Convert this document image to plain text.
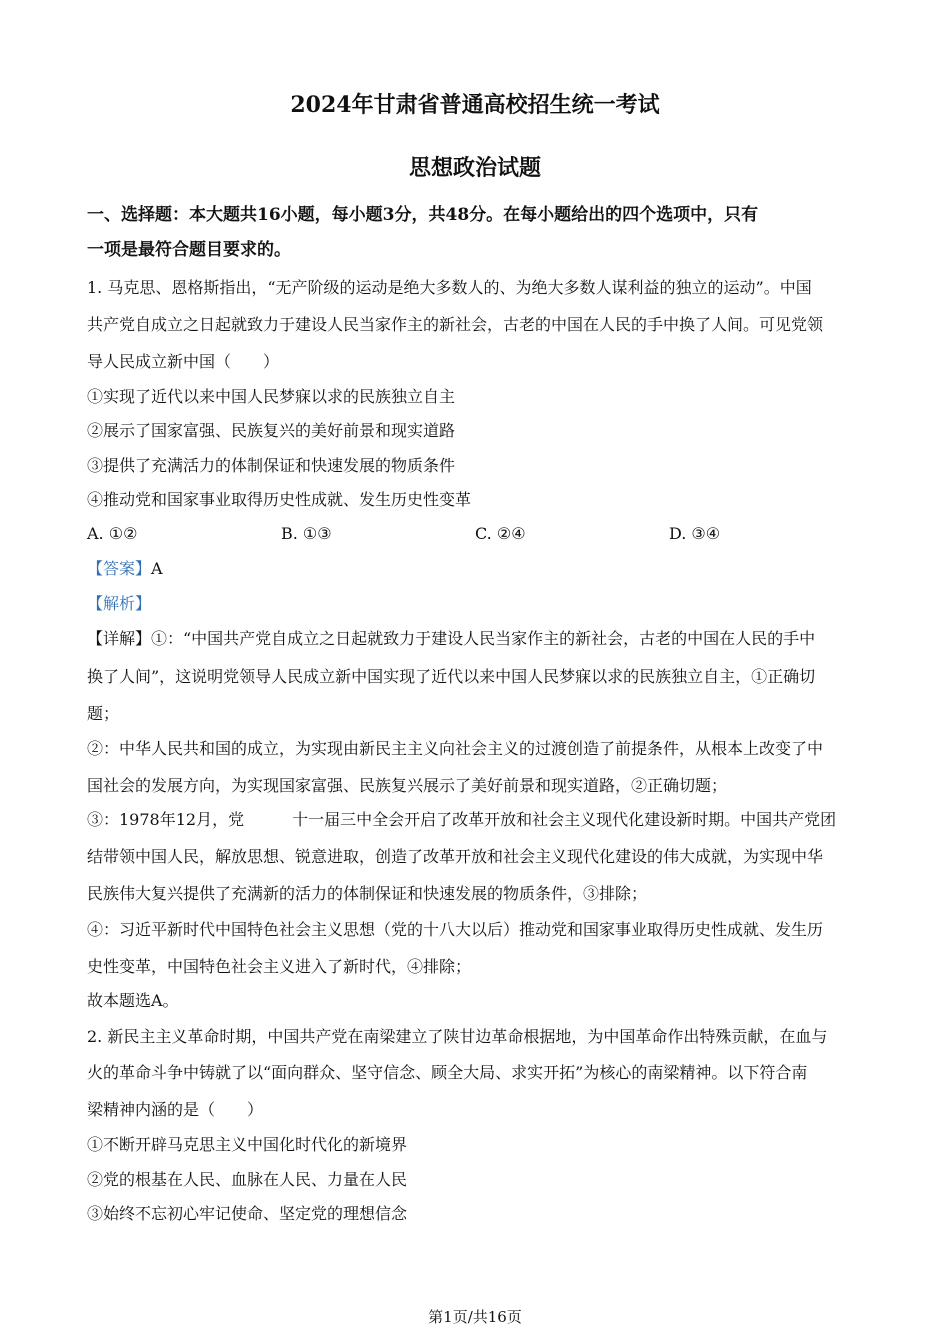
2024年甘肃省普通高校招生统一考试
思想政治试题
一、选择题：本大题共16小题，每小题3分，共48分。在每小题给出的四个选项中，只有
一项是最符合题目要求的。
1. 马克思、恩格斯指出，“无产阶级的运动是绝大多数人的、为绝大多数人谋利益的独立的运动”。中国
共产党自成立之日起就致力于建设人民当家作主的新社会，古老的中国在人民的手中换了人间。可见党领
导人民成立新中国（　　）
①实现了近代以来中国人民梦寐以求的民族独立自主
②展示了国家富强、民族复兴的美好前景和现实道路
③提供了充满活力的体制保证和快速发展的物质条件
④推动党和国家事业取得历史性成就、发生历史性变革
A. ①②	B. ①③	C. ②④	D. ③④
【答案】A
【解析】
【详解】①：“中国共产党自成立之日起就致力于建设人民当家作主的新社会，古老的中国在人民的手中
换了人间”，这说明党领导人民成立新中国实现了近代以来中国人民梦寐以求的民族独立自主，①正确切
题；
②：中华人民共和国的成立，为实现由新民主主义向社会主义的过渡创造了前提条件，从根本上改变了中
国社会的发展方向，为实现国家富强、民族复兴展示了美好前景和现实道路，②正确切题；
③：1978年12月，党　　　十一届三中全会开启了改革开放和社会主义现代化建设新时期。中国共产党团
结带领中国人民，解放思想、锐意进取，创造了改革开放和社会主义现代化建设的伟大成就，为实现中华
民族伟大复兴提供了充满新的活力的体制保证和快速发展的物质条件，③排除；
④：习近平新时代中国特色社会主义思想（党的十八大以后）推动党和国家事业取得历史性成就、发生历
史性变革，中国特色社会主义进入了新时代，④排除；
故本题选A。
2. 新民主主义革命时期，中国共产党在南梁建立了陕甘边革命根据地，为中国革命作出特殊贡献，在血与
火的革命斗争中铸就了以“面向群众、坚守信念、顾全大局、求实开拓”为核心的南梁精神。以下符合南
梁精神内涵的是（　　）
①不断开辟马克思主义中国化时代化的新境界
②党的根基在人民、血脉在人民、力量在人民
③始终不忘初心牢记使命、坚定党的理想信念
第1页/共16页
